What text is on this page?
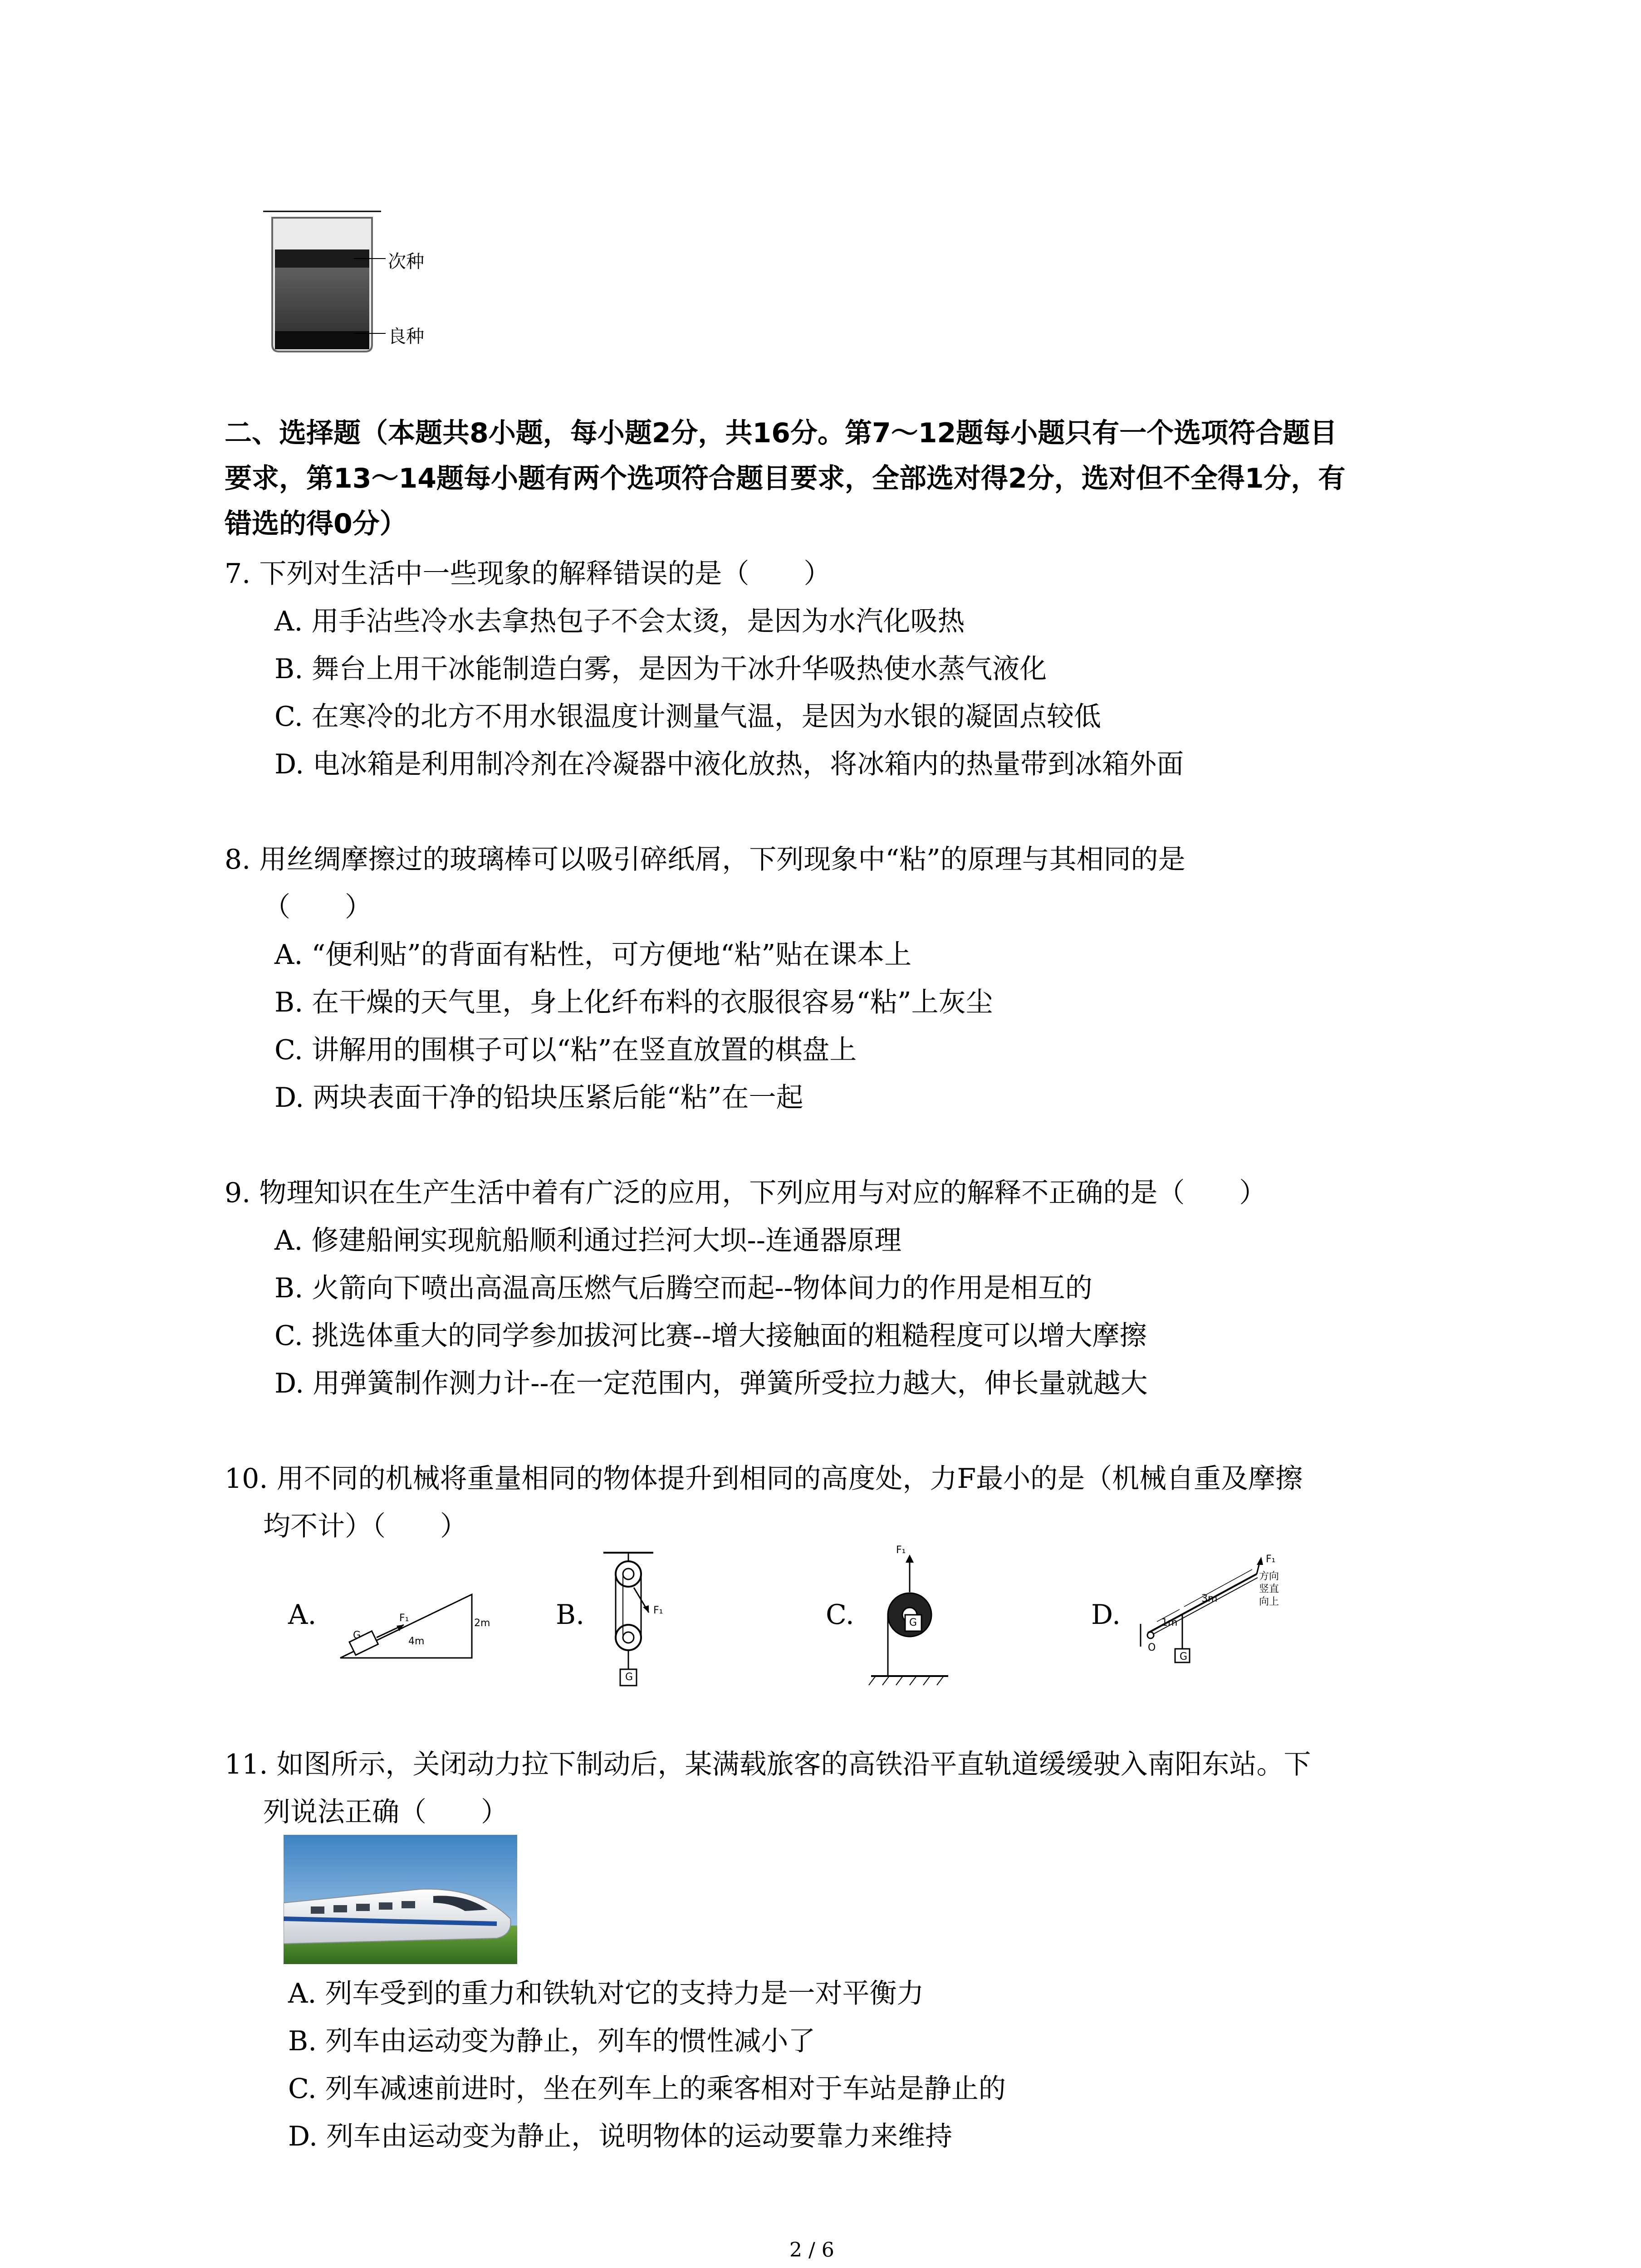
次种
良种
二、选择题（本题共8小题，每小题2分，共16分。第7～12题每小题只有一个选项符合题目
要求，第13～14题每小题有两个选项符合题目要求，全部选对得2分，选对但不全得1分，有
错选的得0分）
7. 下列对生活中一些现象的解释错误的是（　　）
A. 用手沾些冷水去拿热包子不会太烫，是因为水汽化吸热
B. 舞台上用干冰能制造白雾，是因为干冰升华吸热使水蒸气液化
C. 在寒冷的北方不用水银温度计测量气温，是因为水银的凝固点较低
D. 电冰箱是利用制冷剂在冷凝器中液化放热，将冰箱内的热量带到冰箱外面
8. 用丝绸摩擦过的玻璃棒可以吸引碎纸屑，下列现象中“粘”的原理与其相同的是
（　　）
A. “便利贴”的背面有粘性，可方便地“粘”贴在课本上
B. 在干燥的天气里，身上化纤布料的衣服很容易“粘”上灰尘
C. 讲解用的围棋子可以“粘”在竖直放置的棋盘上
D. 两块表面干净的铅块压紧后能“粘”在一起
9. 物理知识在生产生活中着有广泛的应用，下列应用与对应的解释不正确的是（　　）
A. 修建船闸实现航船顺利通过拦河大坝--连通器原理
B. 火箭向下喷出高温高压燃气后腾空而起--物体间力的作用是相互的
C. 挑选体重大的同学参加拔河比赛--增大接触面的粗糙程度可以增大摩擦
D. 用弹簧制作测力计--在一定范围内，弹簧所受拉力越大，伸长量就越大
10. 用不同的机械将重量相同的物体提升到相同的高度处，力F最小的是（机械自重及摩擦
均不计）（　　）
A.
G
F₁
4m
2m B.	F₁
G
C.
F₁
G	D.
F₁
方向
竖直
向上
3m
1m
O
G
11. 如图所示，关闭动力拉下制动后，某满载旅客的高铁沿平直轨道缓缓驶入南阳东站。下
列说法正确（　　）
A. 列车受到的重力和铁轨对它的支持力是一对平衡力
B. 列车由运动变为静止，列车的惯性减小了
C. 列车减速前进时，坐在列车上的乘客相对于车站是静止的
D. 列车由运动变为静止，说明物体的运动要靠力来维持
2 / 6
